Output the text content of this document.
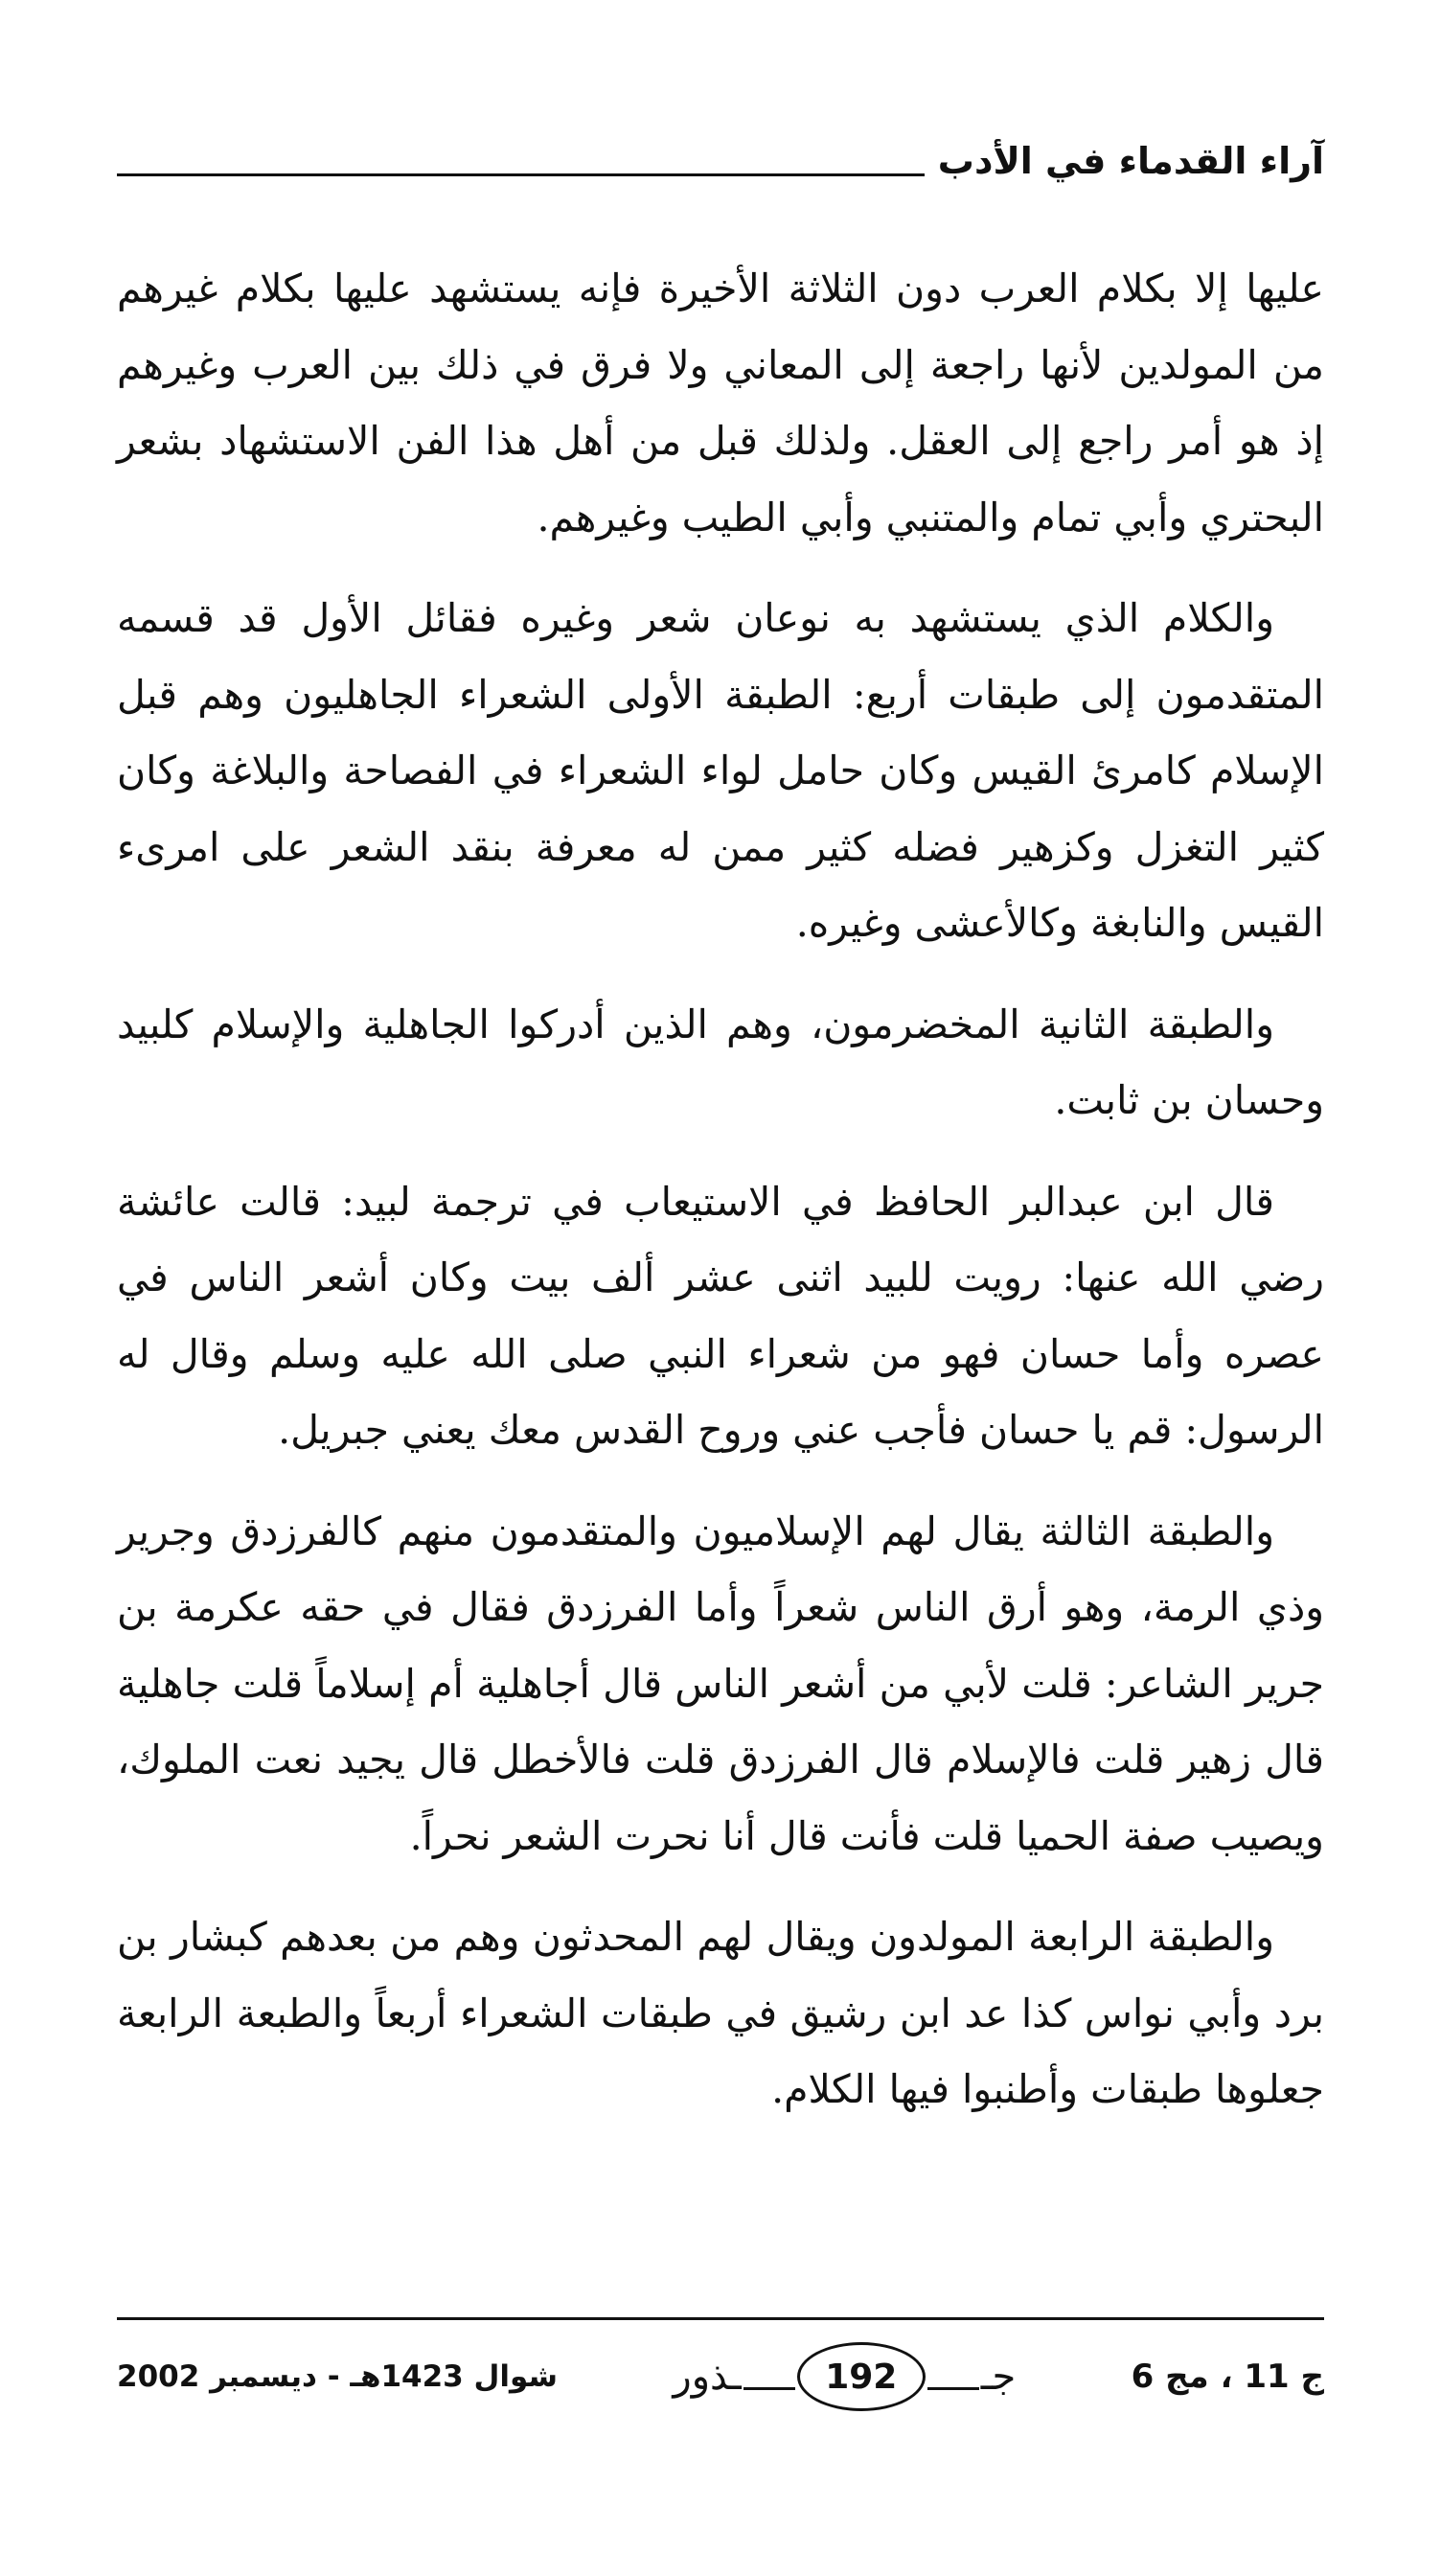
آراء القدماء في الأدب

عليها إلا بكلام العرب دون الثلاثة الأخيرة فإنه يستشهد عليها بكلام غيرهم من المولدين لأنها راجعة إلى المعاني ولا فرق في ذلك بين العرب وغيرهم إذ هو أمر راجع إلى العقل. ولذلك قبل من أهل هذا الفن الاستشهاد بشعر البحتري وأبي تمام والمتنبي وأبي الطيب وغيرهم.

والكلام الذي يستشهد به نوعان شعر وغيره فقائل الأول قد قسمه المتقدمون إلى طبقات أربع: الطبقة الأولى الشعراء الجاهليون وهم قبل الإسلام كامرئ القيس وكان حامل لواء الشعراء في الفصاحة والبلاغة وكان كثير التغزل وكزهير فضله كثير ممن له معرفة بنقد الشعر على امرىء القيس والنابغة وكالأعشى وغيره.

والطبقة الثانية المخضرمون، وهم الذين أدركوا الجاهلية والإسلام كلبيد وحسان بن ثابت.

قال ابن عبدالبر الحافظ في الاستيعاب في ترجمة لبيد: قالت عائشة رضي الله عنها: رويت للبيد اثنى عشر ألف بيت وكان أشعر الناس في عصره وأما حسان فهو من شعراء النبي صلى الله عليه وسلم وقال له الرسول: قم يا حسان فأجب عني وروح القدس معك يعني جبريل.

والطبقة الثالثة يقال لهم الإسلاميون والمتقدمون منهم كالفرزدق وجرير وذي الرمة، وهو أرق الناس شعراً وأما الفرزدق فقال في حقه عكرمة بن جرير الشاعر: قلت لأبي من أشعر الناس قال أجاهلية أم إسلاماً قلت جاهلية قال زهير قلت فالإسلام قال الفرزدق قلت فالأخطل قال يجيد نعت الملوك، ويصيب صفة الحميا قلت فأنت قال أنا نحرت الشعر نحراً.

والطبقة الرابعة المولدون ويقال لهم المحدثون وهم من بعدهم كبشار بن برد وأبي نواس كذا عد ابن رشيق في طبقات الشعراء أربعاً والطبعة الرابعة جعلوها طبقات وأطنبوا فيها الكلام.

ج 11 ، مج 6
جـ
192
ـذور
شوال 1423هـ - ديسمبر 2002
